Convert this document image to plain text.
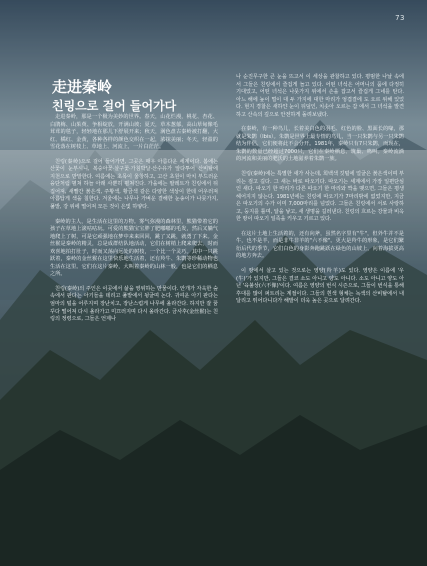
73
走进秦岭
친링으로 걸어 들어가다

走进秦岭，那是一个极为美妙的世界。春天，山花烂漫，桃花、杏花、白鹃梅、山茱萸、争相绽放，开满山坡；夏天，草木葱郁，高山草甸像毛茸茸的毯子，轻轻地在那儿下舒展开来；秋天，满色盘古秦岭被打翻，大红、橘红、金黄，各种各样的颜色交织在一起，浓抹美丽；冬天，轻盈的雪花落在树枝上、草地上、河流上，一片白茫茫。

친링(秦岭)으로 걸어 들어가면, 그곳은 매우 아름다운 세계이다. 봄에는 산꽃이 눈부시니, 복숭아꽃·살구꽃·가침박달·산수유가 앞다투어 산비탈에 지천으로 만발한다. 여름에는 초목이 울창하고, 고산 초원이 마치 부드러운 융단처럼 펼쳐 하늘 아래 사뿐히 펼쳐진다. 가을에는 팔레트가 친링에서 뒤집어져, 새빨간 붉은색, 주황색, 황금색 같은 다양한 색상이 한데 어우러져 아름답게 색을 칠한다. 겨울에는 나무나 가벼운 결해한 눈송이가 나뭇가지, 풀밭, 강 위에 떨어져 모든 것이 은빛 하얗다.

秦岭的主人，是生活在这里的万物。雾气弥漫的森林里，熊猫带着它的孩子在草地上滚咕咕玩。可爱的熊猫宝宝胖了肥嘟嘟的毛发，然后又躺气地爬上了树，可是它顽强地在梦中来来回回，跳了又跳，就勇了下来。金丝猴是秦岭的精灵，总是成群结队地活动，它们在树梢上爬来爬去，时而欢喜地拍打肚子，时而又荡向远处的树枝，一个比一个灵巧。其中一只跳跃着，秦岭的金丝猴在这里快乐地生活着，还有羚牛、朱鹮等珍稀动物也生活在这里。它们在这片秦岭，大叫着秦岭的山林一般，也是它们的栖息之所。

친링(秦岭)의 주인은 이곳에서 삶을 영위하는 만물이다. 안개가 자욱한 숲속에서 판다는 아기들을 데리고 풀밭에서 뒹굴며 논다. 귀여운 아기 판다는 엄마의 털을 어루지며 장난치고, 장난스럽게 나무에 올라간다. 하지만 잘 꿈꾸다 떨어져 다시 올라가고 미끄러지며 다시 올라간다. 금사후(金丝猴)는 친링의 정령으로, 그들은 언제나

나 순진무구한 큰 눈을 뜨고서 이 세상을 관찰하고 있다. 평범한 나날 속에서 그들은 친링에서 즐겁게 놀고 있다. 어떤 녀석은 어머니의 품에 다정히 기대었고, 어떤 녀석은 나뭇가지 위에서 손을 잡고서 즐겁게 그네를 탄다. 아느 해에 높이 멀이 대 두 가지에 대한 마리가 엉겹결에 도 오르 위해 있었다. 현지 경찰은 새하얀 눈이 뒤덮인, 치솟아 오르는 갑 에서 그 녀석을 발견하고 산속의 깊으로 안전하게 돌려보냈다.

在秦岭，有一种鸟儿，长着美白色的羽毛、红色的脸、黑面长的喙，那就是朱鹮（Ibis）。朱鹮是世界上最专情的鸟儿，当一只朱鹮与另一只朱鹮结为伴侣，它们便将此不会分开。1981年，秦岭只有7只朱鹮，而现在，朱鹮的数量已经超过7000只，它们在秦岭栖息、筑巢、鸣叫。秦岭流淌的河流和美丽的肥沃的土地滋养着朱鹮一族。

친링(秦岭)에는 특별한 새가 사는데, 희백색 깃털에 얼굴은 붉은색이며 부리는 검고 길다. 그 새는 바로 따오기다. 따오기는 세계에서 가장 일편단심인 새다. 따오기 한 마리가 다른 따오기 한 마리와 짝을 맺으면, 그들은 평생 헤어지지 않는다. 1981년에는 친링에 따오기가 7마리밖에 없었지만, 지금은 따오기의 수가 이미 7,000마리를 넘었다. 그들은 친링에서 서로 사랑하고, 둥지를 틀며, 알을 낳고, 새 생명을 길러낸다. 친링의 흐르는 강물과 비옥한 땅이 따오기 일족을 키우고 기르고 있다.

在这片土地上生活着的，还有向斧，虽然名字里有"牛"，但外牛并不是牛，也不是羊，而是非牛非羊的"六不像"。更大是羚牛的形象，是它们繁衍后代的季节，它们白色的身影奔跑跳跃在绿色的山坡上，向着海拔更高的地方奔去。

이 땅에서 살고 있는 것으로는 영양(羚羊)도 있다. 영양은 이름에 '우(牛)'가 있지만, 그들은 결코 소도 아니고 양도 아니다. 소도 아니고 양도 아닌 '육불상(六不像)'이다. 여름은 영양의 번식 시즌으로, 그들이 번식을 통해 후대를 많이 퍼트리는 계절이다. 그들의 흰색 형체는 녹색의 산비탈에서 내달리고 뛰어다니다가 해발이 더욱 높은 곳으로 달려간다.
